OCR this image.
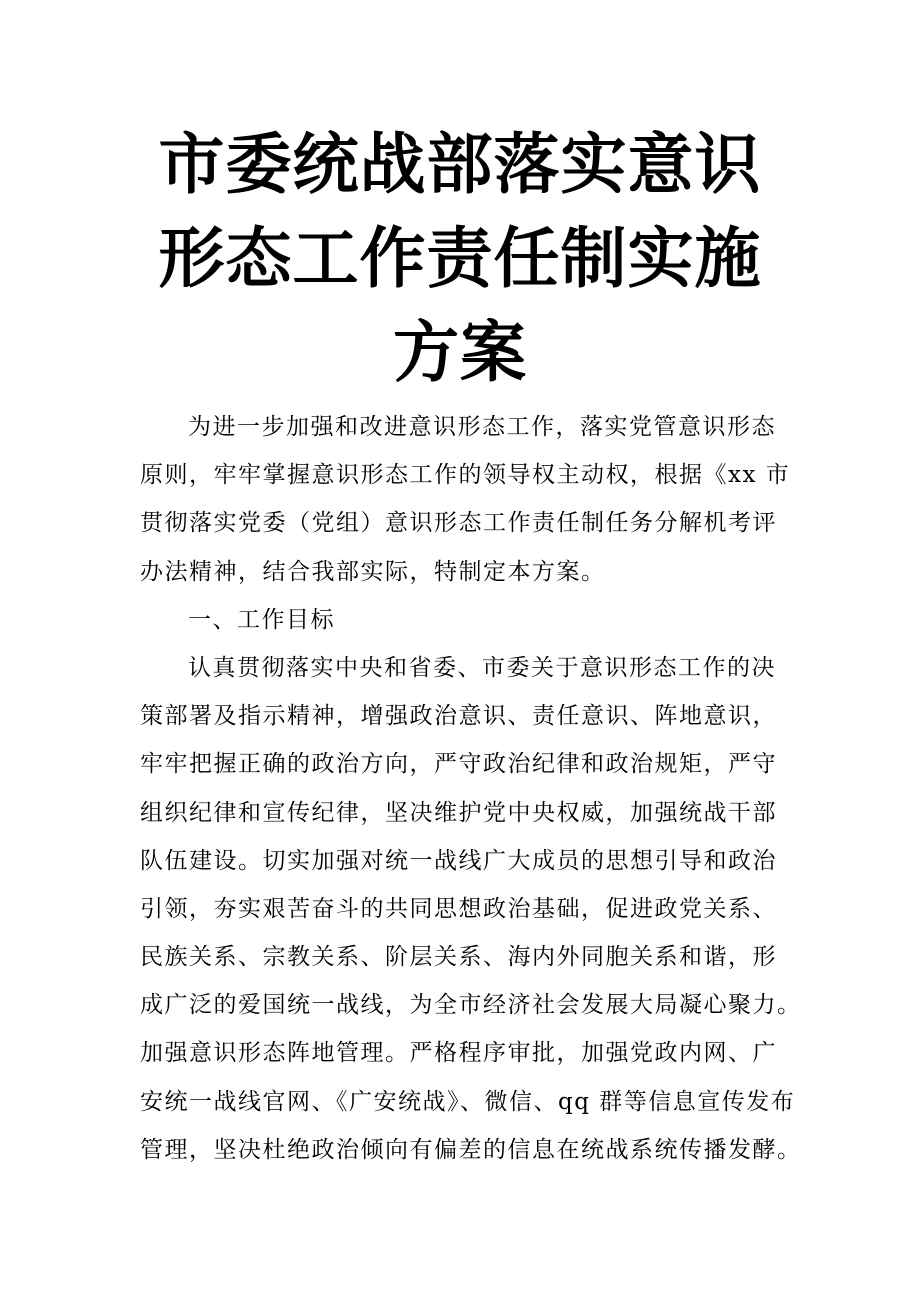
市委统战部落实意识
形态工作责任制实施
方案
为进一步加强和改进意识形态工作，落实党管意识形态
原则，牢牢掌握意识形态工作的领导权主动权，根据《xx 市
贯彻落实党委（党组）意识形态工作责任制任务分解机考评
办法精神，结合我部实际，特制定本方案。
一、工作目标
认真贯彻落实中央和省委、市委关于意识形态工作的决
策部署及指示精神，增强政治意识、责任意识、阵地意识，
牢牢把握正确的政治方向，严守政治纪律和政治规矩，严守
组织纪律和宣传纪律，坚决维护党中央权威，加强统战干部
队伍建设。切实加强对统一战线广大成员的思想引导和政治
引领，夯实艰苦奋斗的共同思想政治基础，促进政党关系、
民族关系、宗教关系、阶层关系、海内外同胞关系和谐，形
成广泛的爱国统一战线，为全市经济社会发展大局凝心聚力。
加强意识形态阵地管理。严格程序审批，加强党政内网、广
安统一战线官网、《广安统战》、微信、qq 群等信息宣传发布
管理，坚决杜绝政治倾向有偏差的信息在统战系统传播发酵。
